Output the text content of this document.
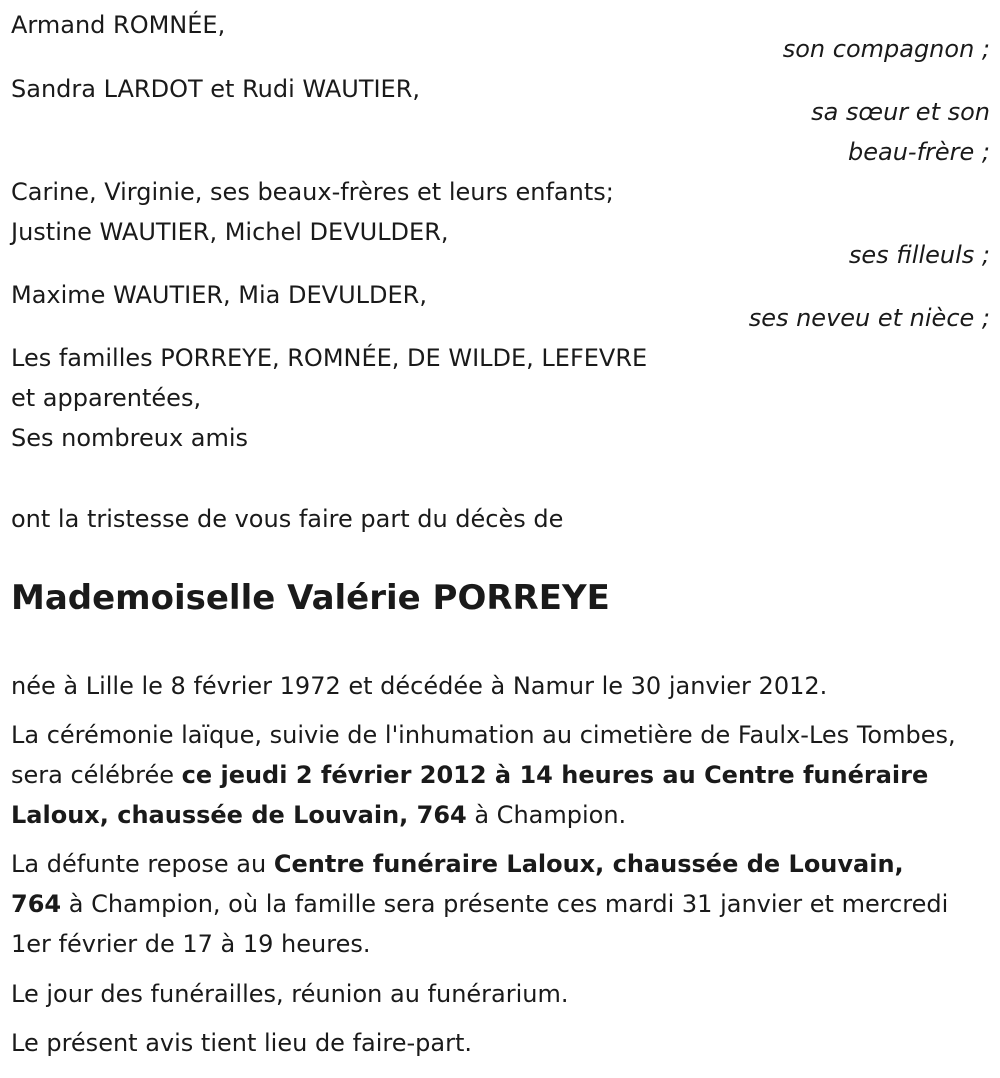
Armand ROMNÉE,
son compagnon ;
Sandra LARDOT et Rudi WAUTIER,
sa sœur et son
beau-frère ;
Carine, Virginie, ses beaux-frères et leurs enfants;
Justine WAUTIER, Michel DEVULDER,
ses filleuls ;
Maxime WAUTIER, Mia DEVULDER,
ses neveu et nièce ;
Les familles PORREYE, ROMNÉE, DE WILDE, LEFEVRE
et apparentées,
Ses nombreux amis
ont la tristesse de vous faire part du décès de
Mademoiselle Valérie PORREYE
née à Lille le 8 février 1972 et décédée à Namur le 30 janvier 2012.
La cérémonie laïque, suivie de l'inhumation au cimetière de Faulx-Les Tombes, sera célébrée ce jeudi 2 février 2012 à 14 heures au Centre funéraire Laloux, chaussée de Louvain, 764 à Champion.
La défunte repose au Centre funéraire Laloux, chaussée de Louvain, 764 à Champion, où la famille sera présente ces mardi 31 janvier et mercredi 1er février de 17 à 19 heures.
Le jour des funérailles, réunion au funérarium.
Le présent avis tient lieu de faire-part.
